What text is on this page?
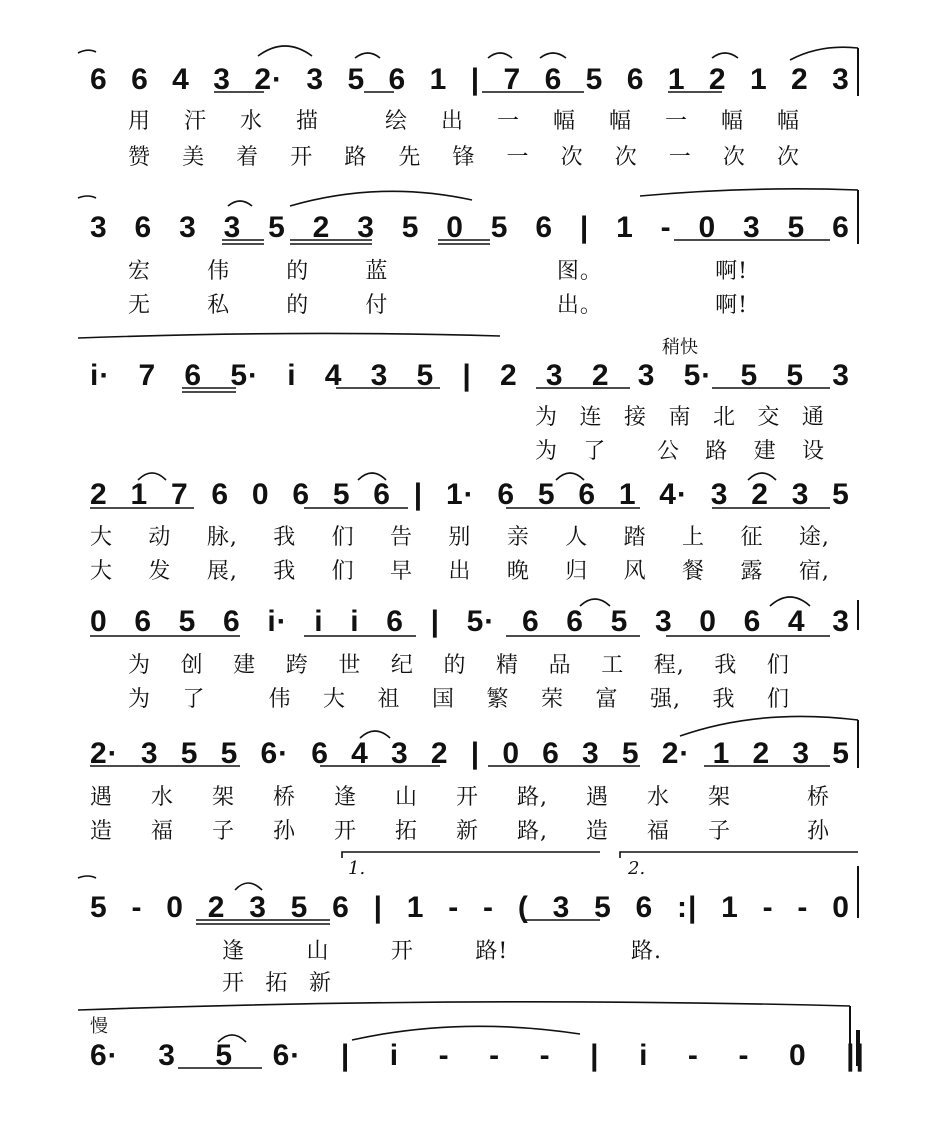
6 6 4 3 2· 3 5 6 1 | 7 6 5 6 1 2 1 2 3
用 汗 水 描	绘 出 一 幅 幅 一 幅 幅
赞 美 着 开 路 先 锋 一 次 次 一 次 次
3 6 3 3 5 2 3 5 0 5 6 | 1 - 0 3 5 6
宏	伟	的	蓝	图。	啊!
无	私	的	付	出。	啊!
稍快
i· 7 6 5· i 4 3 5 | 2 3 2 3 5· 5 5 3
为 连 接 南 北 交 通
为 了 公 路 建 设
2 1 7 6 0 6 5 6 | 1· 6 5 6 1 4· 3 2 3 5
大 动 脉, 我 们 告 别 亲 人 踏 上 征 途,
大 发 展, 我 们 早 出 晚 归 风 餐 露 宿,
0 6 5 6 i· i i 6 | 5· 6 6 5 3 0 6 4 3
为 创 建 跨 世 纪 的 精 品 工 程, 我 们
为 了	伟 大 祖 国 繁 荣 富 强, 我 们
2· 3 5 5 6· 6 4 3 2 | 0 6 3 5 2· 1 2 3 5
遇 水 架 桥 逢 山 开 路, 遇 水 架	桥
造 福 子 孙 开 拓 新 路, 造 福 子	孙
1.	2.
5 - 0 2 3 5 6 | 1 - - ( 3 5 6 :| 1 - - 0
逢	山	开	路!	路.
开 拓 新
慢
6· 3 5 6· | i - - - | i - - 0 ||
